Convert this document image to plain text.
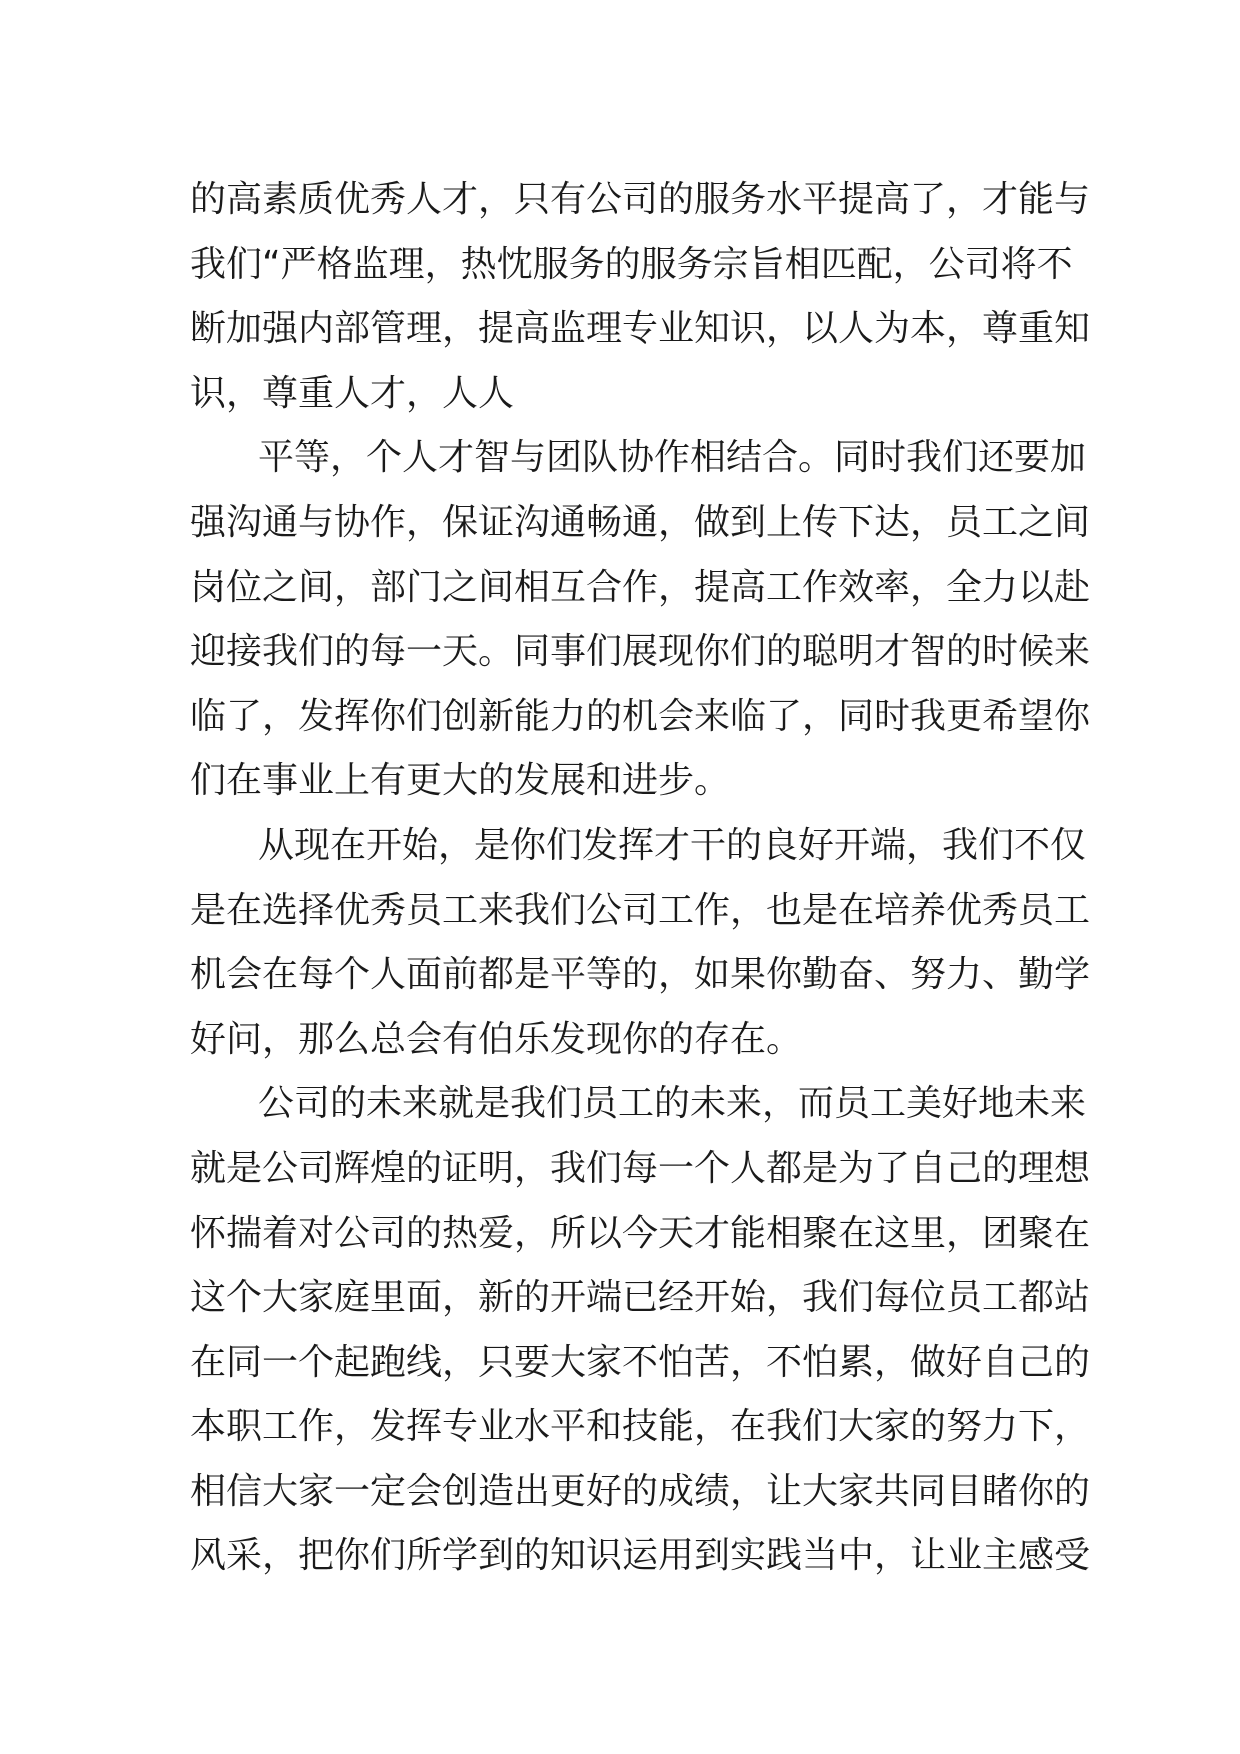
的高素质优秀人才，只有公司的服务水平提高了，才能与
我们“严格监理，热忱服务的服务宗旨相匹配，公司将不
断加强内部管理，提高监理专业知识，以人为本，尊重知
识，尊重人才，人人
平等，个人才智与团队协作相结合。同时我们还要加
强沟通与协作，保证沟通畅通，做到上传下达，员工之间
岗位之间，部门之间相互合作，提高工作效率，全力以赴
迎接我们的每一天。同事们展现你们的聪明才智的时候来
临了，发挥你们创新能力的机会来临了，同时我更希望你
们在事业上有更大的发展和进步。
从现在开始，是你们发挥才干的良好开端，我们不仅
是在选择优秀员工来我们公司工作，也是在培养优秀员工
机会在每个人面前都是平等的，如果你勤奋、努力、勤学
好问，那么总会有伯乐发现你的存在。
公司的未来就是我们员工的未来，而员工美好地未来
就是公司辉煌的证明，我们每一个人都是为了自己的理想
怀揣着对公司的热爱，所以今天才能相聚在这里，团聚在
这个大家庭里面，新的开端已经开始，我们每位员工都站
在同一个起跑线，只要大家不怕苦，不怕累，做好自己的
本职工作，发挥专业水平和技能，在我们大家的努力下，
相信大家一定会创造出更好的成绩，让大家共同目睹你的
风采，把你们所学到的知识运用到实践当中，让业主感受
